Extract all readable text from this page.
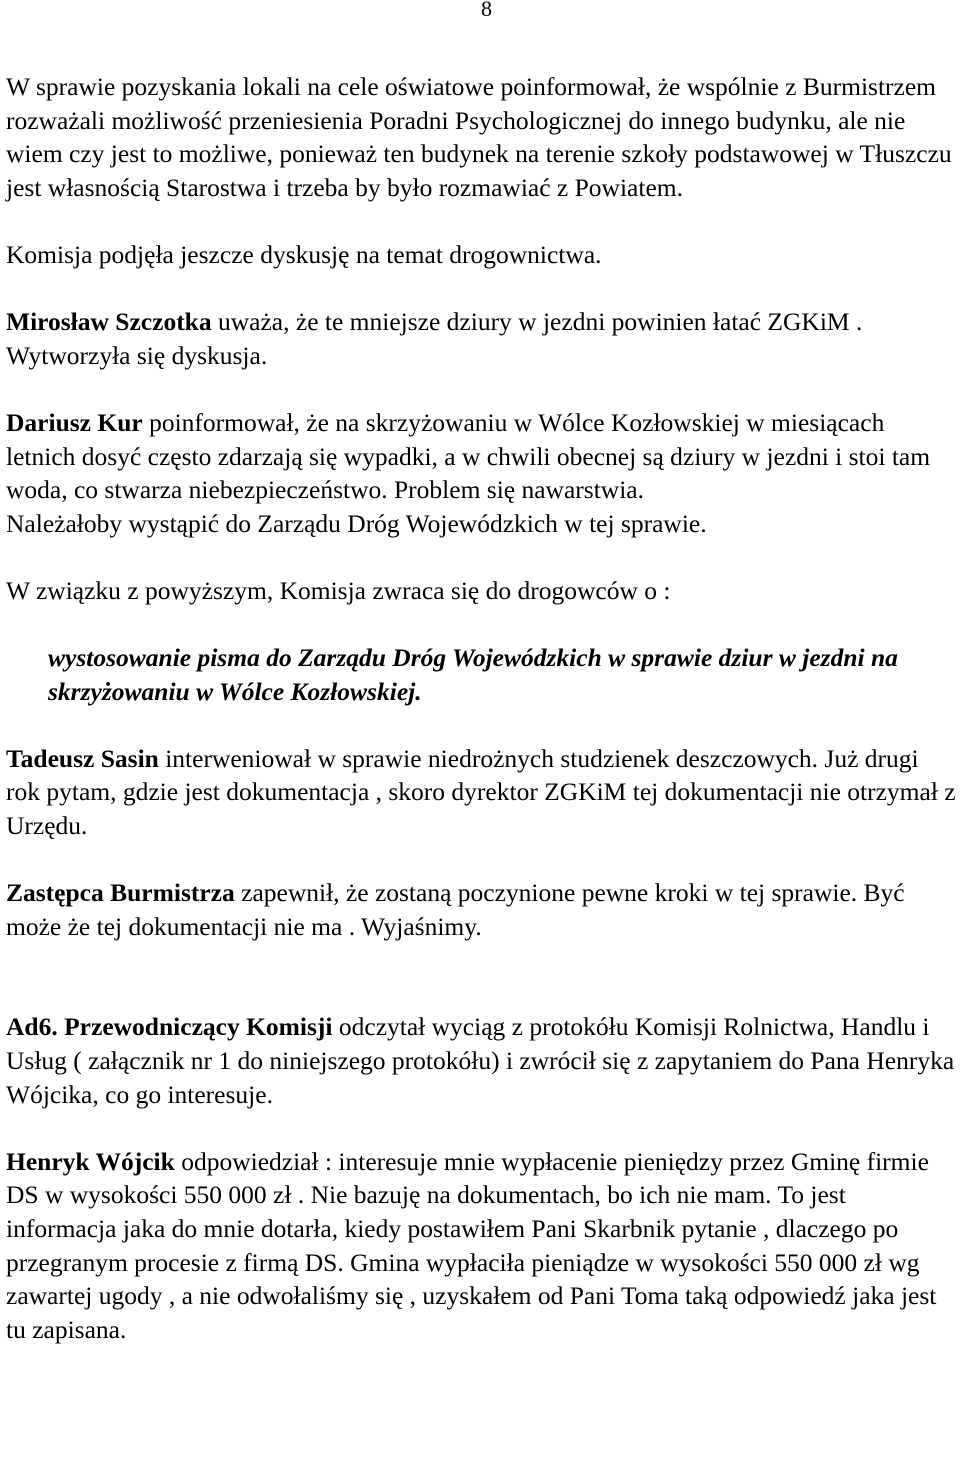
8

W sprawie pozyskania lokali na cele oświatowe poinformował, że wspólnie z Burmistrzem rozważali możliwość przeniesienia Poradni Psychologicznej do innego budynku, ale nie wiem czy jest to możliwe, ponieważ ten budynek na terenie szkoły podstawowej w Tłuszczu jest własnością Starostwa i trzeba by było rozmawiać z Powiatem.

Komisja podjęła jeszcze dyskusję na temat drogownictwa.

Mirosław Szczotka uważa, że te mniejsze dziury w jezdni powinien łatać ZGKiM . Wytworzyła się dyskusja.

Dariusz Kur poinformował, że na skrzyżowaniu w Wólce Kozłowskiej w miesiącach letnich dosyć często zdarzają się wypadki, a w chwili obecnej są dziury w jezdni i stoi tam woda, co stwarza niebezpieczeństwo. Problem się nawarstwia.

Należałoby wystąpić do Zarządu Dróg Wojewódzkich w tej sprawie.

W związku z powyższym, Komisja zwraca się do drogowców o :

wystosowanie pisma do Zarządu Dróg Wojewódzkich w sprawie dziur w jezdni na skrzyżowaniu w Wólce Kozłowskiej.

Tadeusz Sasin interweniował w sprawie niedrożnych studzienek deszczowych. Już drugi rok pytam, gdzie jest dokumentacja , skoro dyrektor ZGKiM tej dokumentacji nie otrzymał z Urzędu.

Zastępca Burmistrza zapewnił, że zostaną poczynione pewne kroki w tej sprawie. Być może że tej dokumentacji nie ma . Wyjaśnimy.

Ad6. Przewodniczący Komisji odczytał wyciąg z protokółu Komisji Rolnictwa, Handlu i Usług ( załącznik nr 1 do niniejszego protokółu) i zwrócił się z zapytaniem do Pana Henryka Wójcika, co go interesuje.

Henryk Wójcik odpowiedział : interesuje mnie wypłacenie pieniędzy przez Gminę firmie DS w wysokości 550 000 zł . Nie bazuję na dokumentach, bo ich nie mam. To jest informacja jaka do mnie dotarła, kiedy postawiłem Pani Skarbnik pytanie , dlaczego po przegranym procesie z firmą DS. Gmina wypłaciła pieniądze w wysokości 550 000 zł wg zawartej ugody , a nie odwołaliśmy się , uzyskałem od Pani Toma taką odpowiedź jaka jest tu zapisana.
